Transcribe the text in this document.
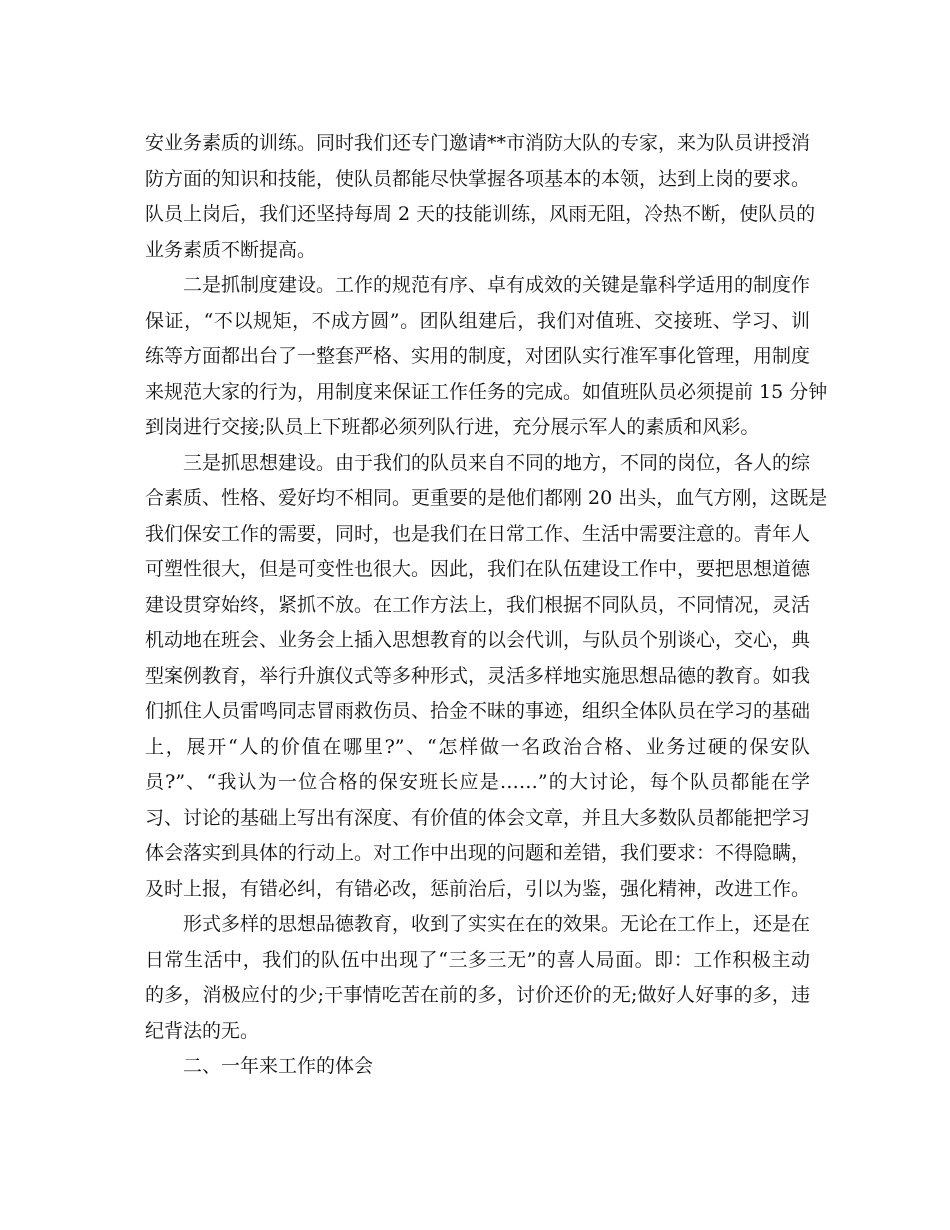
安业务素质的训练。同时我们还专门邀请**市消防大队的专家，来为队员讲授消
防方面的知识和技能，使队员都能尽快掌握各项基本的本领，达到上岗的要求。
队员上岗后，我们还坚持每周 2 天的技能训练，风雨无阻，冷热不断，使队员的
业务素质不断提高。
二是抓制度建设。工作的规范有序、卓有成效的关键是靠科学适用的制度作
保证，“不以规矩，不成方圆”。团队组建后，我们对值班、交接班、学习、训
练等方面都出台了一整套严格、实用的制度，对团队实行准军事化管理，用制度
来规范大家的行为，用制度来保证工作任务的完成。如值班队员必须提前 15 分钟
到岗进行交接;队员上下班都必须列队行进，充分展示军人的素质和风彩。
三是抓思想建设。由于我们的队员来自不同的地方，不同的岗位，各人的综
合素质、性格、爱好均不相同。更重要的是他们都刚 20 出头，血气方刚，这既是
我们保安工作的需要，同时，也是我们在日常工作、生活中需要注意的。青年人
可塑性很大，但是可变性也很大。因此，我们在队伍建设工作中，要把思想道德
建设贯穿始终，紧抓不放。在工作方法上，我们根据不同队员，不同情况，灵活
机动地在班会、业务会上插入思想教育的以会代训，与队员个别谈心，交心，典
型案例教育，举行升旗仪式等多种形式，灵活多样地实施思想品德的教育。如我
们抓住人员雷鸣同志冒雨救伤员、拾金不昧的事迹，组织全体队员在学习的基础
上，展开“人的价值在哪里?”、“怎样做一名政治合格、业务过硬的保安队
员?”、“我认为一位合格的保安班长应是……”的大讨论，每个队员都能在学
习、讨论的基础上写出有深度、有价值的体会文章，并且大多数队员都能把学习
体会落实到具体的行动上。对工作中出现的问题和差错，我们要求：不得隐瞒，
及时上报，有错必纠，有错必改，惩前治后，引以为鉴，强化精神，改进工作。
形式多样的思想品德教育，收到了实实在在的效果。无论在工作上，还是在
日常生活中，我们的队伍中出现了“三多三无”的喜人局面。即：工作积极主动
的多，消极应付的少;干事情吃苦在前的多，讨价还价的无;做好人好事的多，违
纪背法的无。
二、一年来工作的体会
